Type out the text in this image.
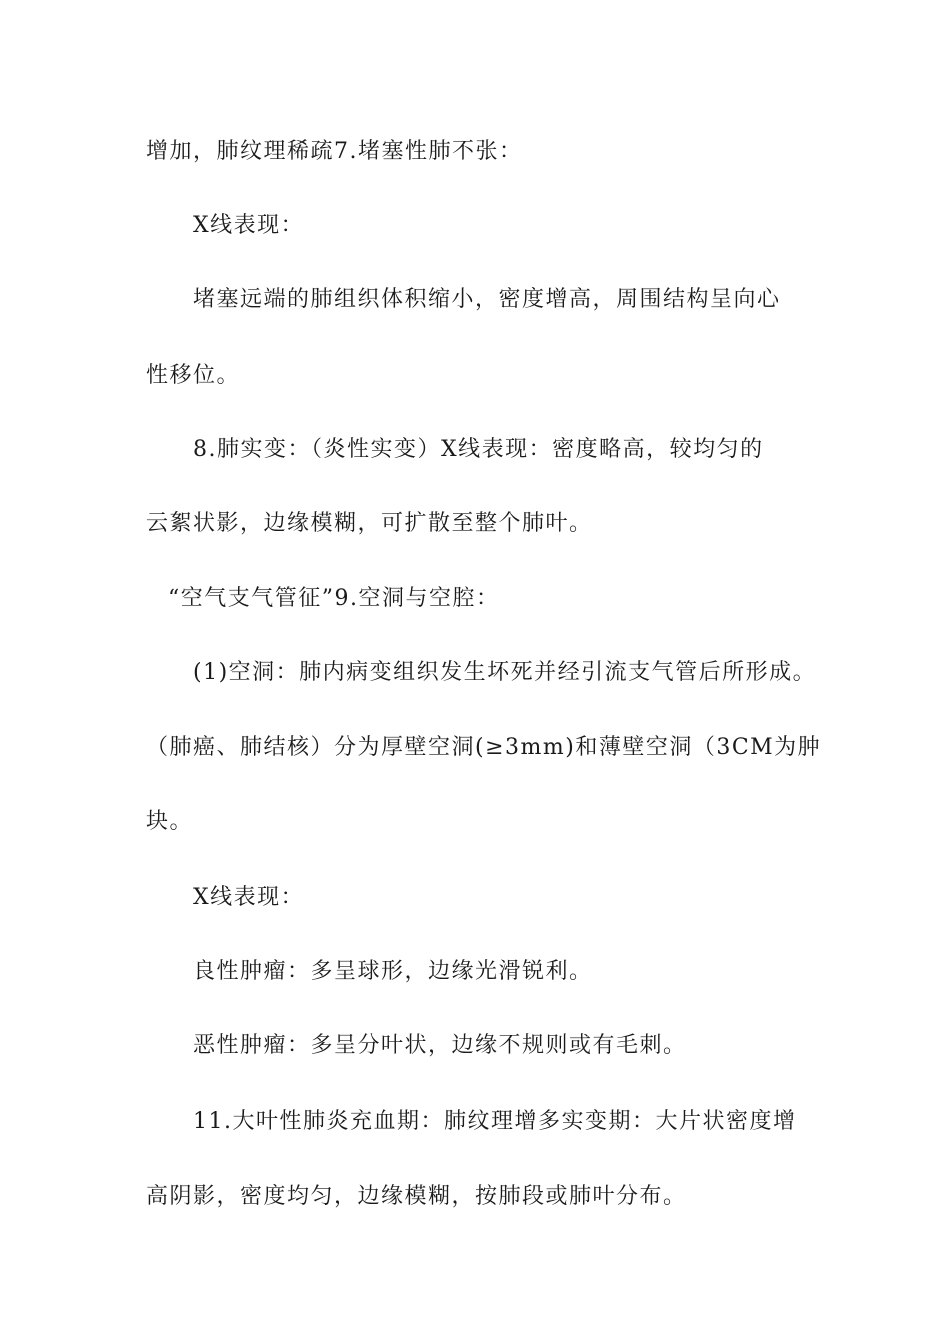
增加，肺纹理稀疏7.堵塞性肺不张：
X线表现：
堵塞远端的肺组织体积缩小，密度增高，周围结构呈向心
性移位。
8.肺实变：（炎性实变）X线表现：密度略高，较均匀的
云絮状影，边缘模糊，可扩散至整个肺叶。
“空气支气管征”9.空洞与空腔：
(1)空洞：肺内病变组织发生坏死并经引流支气管后所形成。
（肺癌、肺结核）分为厚壁空洞(≥3mm)和薄壁空洞（3CM为肿
块。
X线表现：
良性肿瘤：多呈球形，边缘光滑锐利。
恶性肿瘤：多呈分叶状，边缘不规则或有毛刺。
11.大叶性肺炎充血期：肺纹理增多实变期：大片状密度增
高阴影，密度均匀，边缘模糊，按肺段或肺叶分布。
